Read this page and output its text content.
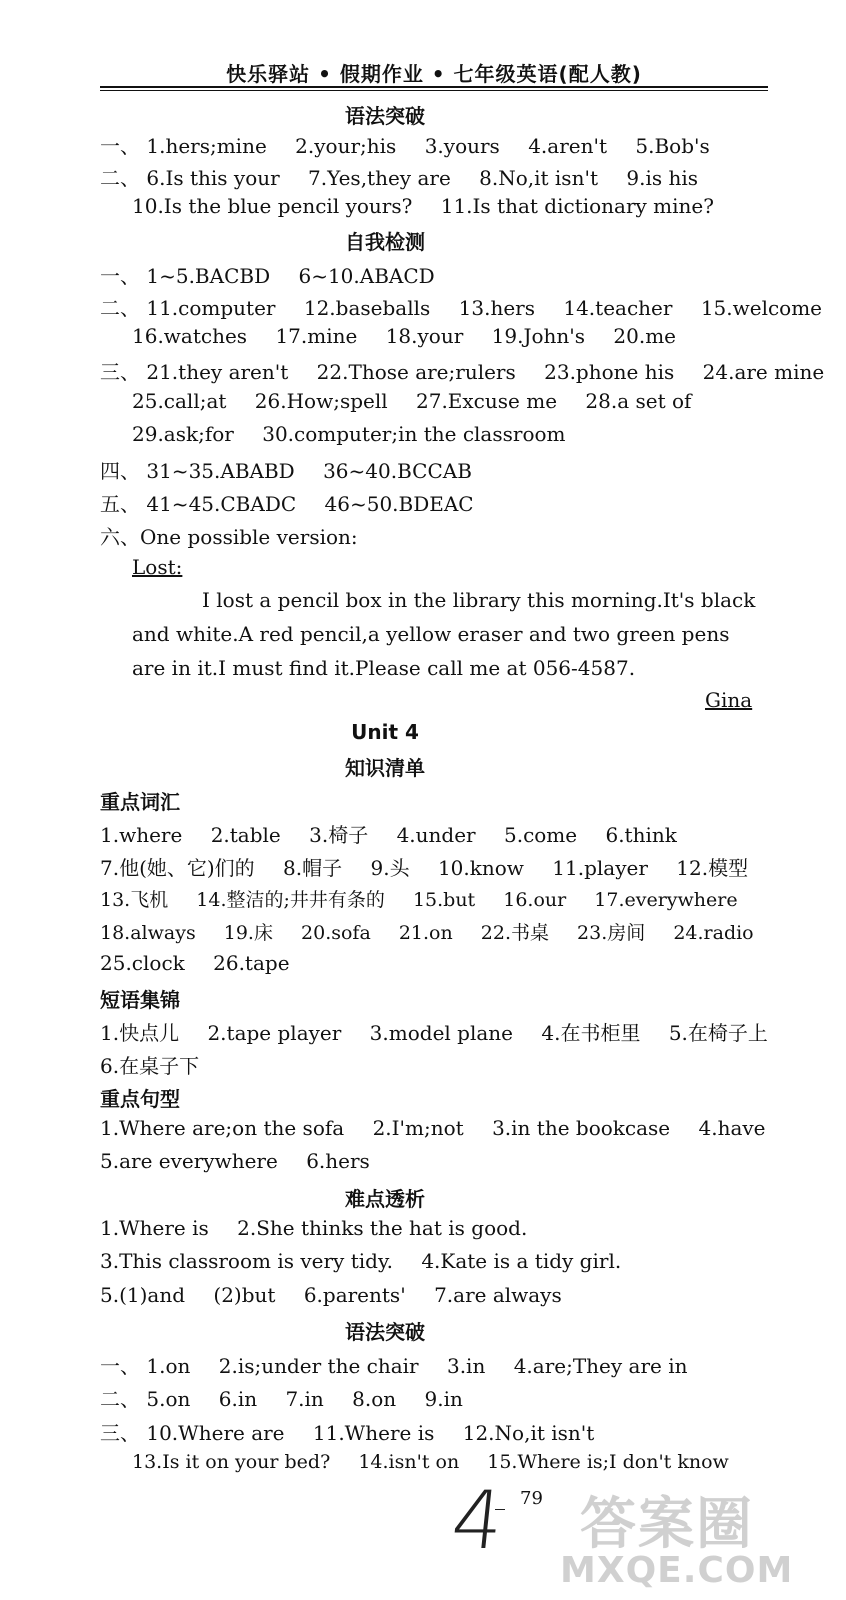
快乐驿站 • 假期作业 • 七年级英语(配人教)
语法突破
一、 1.hers;mine 2.your;his 3.yours 4.aren't 5.Bob's
二、 6.Is this your 7.Yes,they are 8.No,it isn't 9.is his
10.Is the blue pencil yours? 11.Is that dictionary mine?
自我检测
一、 1~5.BACBD 6~10.ABACD
二、 11.computer 12.baseballs 13.hers 14.teacher 15.welcome
16.watches 17.mine 18.your 19.John's 20.me
三、 21.they aren't 22.Those are;rulers 23.phone his 24.are mine
25.call;at 26.How;spell 27.Excuse me 28.a set of
29.ask;for 30.computer;in the classroom
四、 31~35.ABABD 36~40.BCCAB
五、 41~45.CBADC 46~50.BDEAC
六、One possible version:
Lost:
I lost a pencil box in the library this morning.It's black and white.A red pencil,a yellow eraser and two green pens are in it.I must find it.Please call me at 056-4587.
Gina
Unit 4
知识清单
重点词汇
1.where 2.table 3.椅子 4.under 5.come 6.think
7.他(她、它)们的 8.帽子 9.头 10.know 11.player 12.模型
13.飞机 14.整洁的;井井有条的 15.but 16.our 17.everywhere
18.always 19.床 20.sofa 21.on 22.书桌 23.房间 24.radio
25.clock 26.tape
短语集锦
1.快点儿 2.tape player 3.model plane 4.在书柜里 5.在椅子上
6.在桌子下
重点句型
1.Where are;on the sofa 2.I'm;not 3.in the bookcase 4.have
5.are everywhere 6.hers
难点透析
1.Where is 2.She thinks the hat is good.
3.This classroom is very tidy. 4.Kate is a tidy girl.
5.(1)and (2)but 6.parents' 7.are always
语法突破
一、 1.on 2.is;under the chair 3.in 4.are;They are in
二、 5.on 6.in 7.in 8.on 9.in
三、 10.Where are 11.Where is 12.No,it isn't
13.Is it on your bed? 14.isn't on 15.Where is;I don't know
4 79 答案圈
MXQE.COM
